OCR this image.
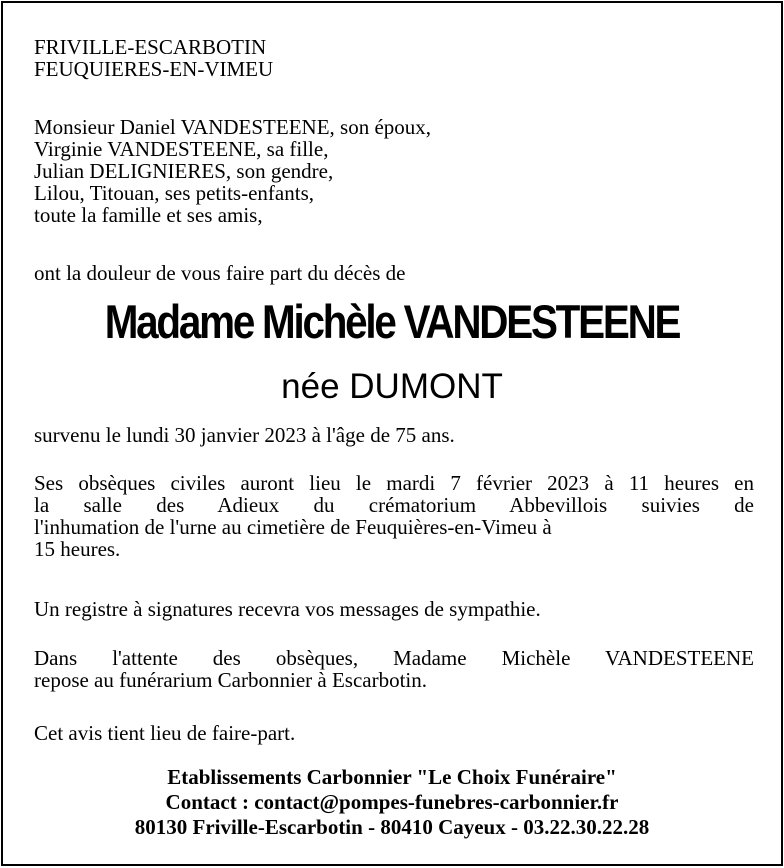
FRIVILLE-ESCARBOTIN
FEUQUIERES-EN-VIMEU
Monsieur Daniel VANDESTEENE, son époux,
Virginie VANDESTEENE, sa fille,
Julian DELIGNIERES, son gendre,
Lilou, Titouan, ses petits-enfants,
toute la famille et ses amis,
ont la douleur de vous faire part du décès de
Madame Michèle VANDESTEENE
née DUMONT
survenu le lundi 30 janvier 2023 à l'âge de 75 ans.
Ses obsèques civiles auront lieu le mardi 7 février 2023 à 11 heures en
la salle des Adieux du crématorium Abbevillois suivies de
l'inhumation de l'urne au cimetière de Feuquières-en-Vimeu à
15 heures.
Un registre à signatures recevra vos messages de sympathie.
Dans l'attente des obsèques, Madame Michèle VANDESTEENE
repose au funérarium Carbonnier à Escarbotin.
Cet avis tient lieu de faire-part.
Etablissements Carbonnier "Le Choix Funéraire"
Contact : contact@pompes-funebres-carbonnier.fr
80130 Friville-Escarbotin - 80410 Cayeux - 03.22.30.22.28
